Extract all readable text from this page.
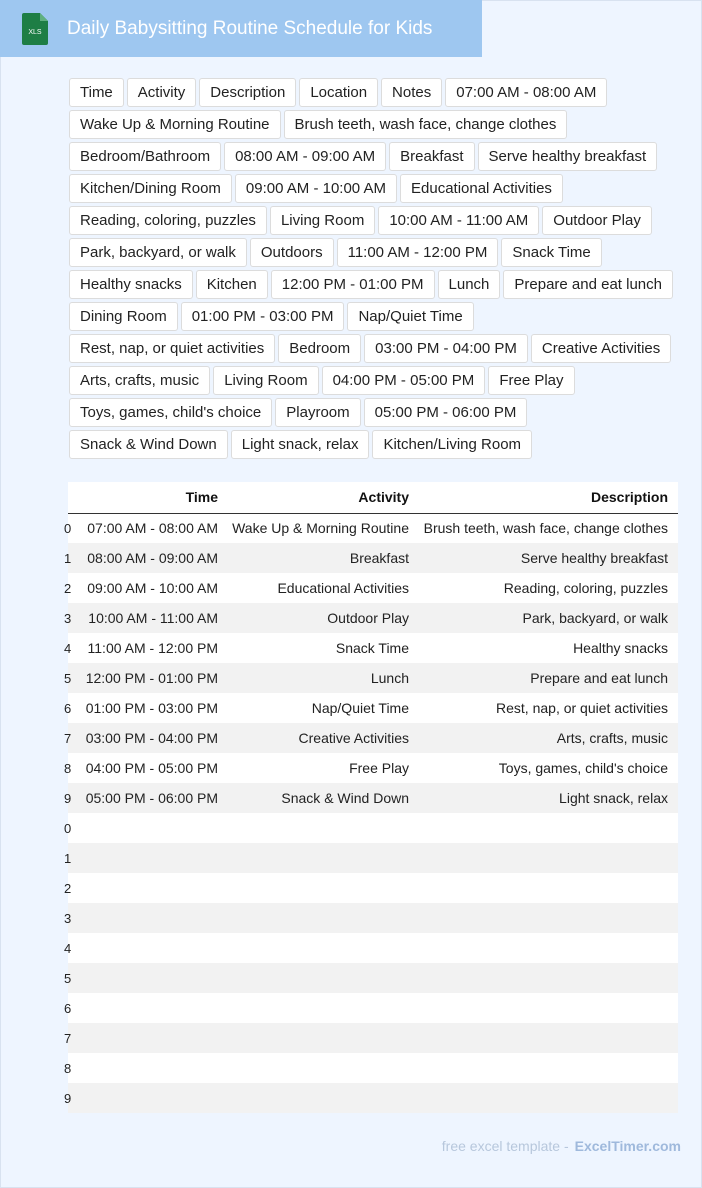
XLS Daily Babysitting Routine Schedule for Kids
Time	Activity	Description	Location	Notes	07:00 AM - 08:00 AM
Wake Up & Morning Routine	Brush teeth, wash face, change clothes
Bedroom/Bathroom	08:00 AM - 09:00 AM	Breakfast	Serve healthy breakfast
Kitchen/Dining Room	09:00 AM - 10:00 AM	Educational Activities
Reading, coloring, puzzles	Living Room	10:00 AM - 11:00 AM	Outdoor Play
Park, backyard, or walk	Outdoors	11:00 AM - 12:00 PM	Snack Time
Healthy snacks	Kitchen	12:00 PM - 01:00 PM	Lunch	Prepare and eat lunch
Dining Room	01:00 PM - 03:00 PM	Nap/Quiet Time
Rest, nap, or quiet activities	Bedroom	03:00 PM - 04:00 PM	Creative Activities
Arts, crafts, music	Living Room	04:00 PM - 05:00 PM	Free Play
Toys, games, child's choice	Playroom	05:00 PM - 06:00 PM
Snack & Wind Down	Light snack, relax	Kitchen/Living Room
	Time	Activity	Description
0	07:00 AM - 08:00 AM	Wake Up & Morning Routine	Brush teeth, wash face, change clothes
1	08:00 AM - 09:00 AM	Breakfast	Serve healthy breakfast
2	09:00 AM - 10:00 AM	Educational Activities	Reading, coloring, puzzles
3	10:00 AM - 11:00 AM	Outdoor Play	Park, backyard, or walk
4	11:00 AM - 12:00 PM	Snack Time	Healthy snacks
5	12:00 PM - 01:00 PM	Lunch	Prepare and eat lunch
6	01:00 PM - 03:00 PM	Nap/Quiet Time	Rest, nap, or quiet activities
7	03:00 PM - 04:00 PM	Creative Activities	Arts, crafts, music
8	04:00 PM - 05:00 PM	Free Play	Toys, games, child's choice
9	05:00 PM - 06:00 PM	Snack & Wind Down	Light snack, relax
0			
1			
2			
3			
4			
5			
6			
7			
8			
9			
free excel template - ExcelTimer.com
